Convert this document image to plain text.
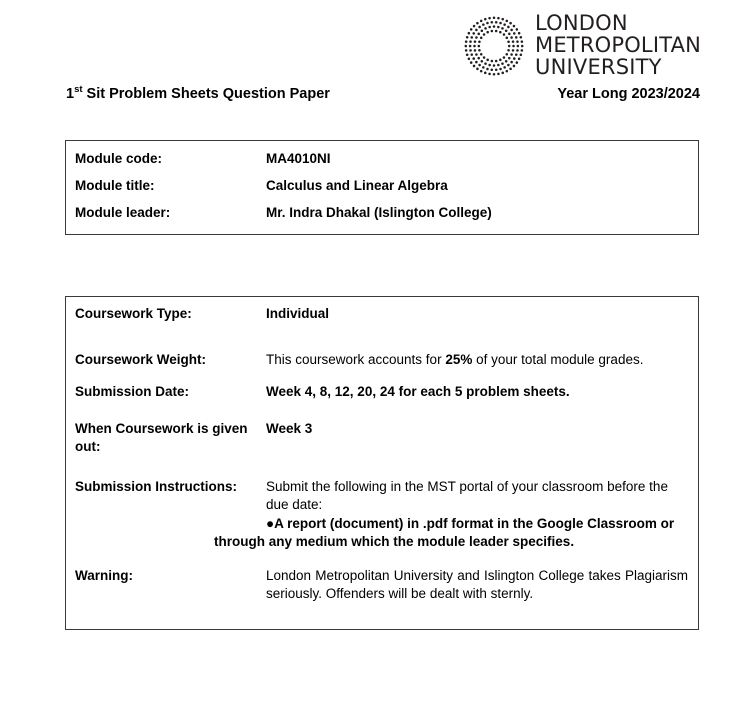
LONDON
METROPOLITAN
UNIVERSITY
1st Sit Problem Sheets Question Paper	Year Long 2023/2024
Module code:	MA4010NI
Module title:	Calculus and Linear Algebra
Module leader:	Mr. Indra Dhakal (Islington College)
Coursework Type:	Individual
Coursework Weight:	This coursework accounts for 25% of your total module grades.
Submission Date:	Week 4, 8, 12, 20, 24 for each 5 problem sheets.
When Coursework is given out:
Week 3
Submission Instructions:	Submit the following in the MST portal of your classroom before the due date:
●A report (document) in .pdf format in the Google Classroom or through any medium which the module leader specifies.
Warning:	London Metropolitan University and Islington College takes Plagiarism seriously. Offenders will be dealt with sternly.
